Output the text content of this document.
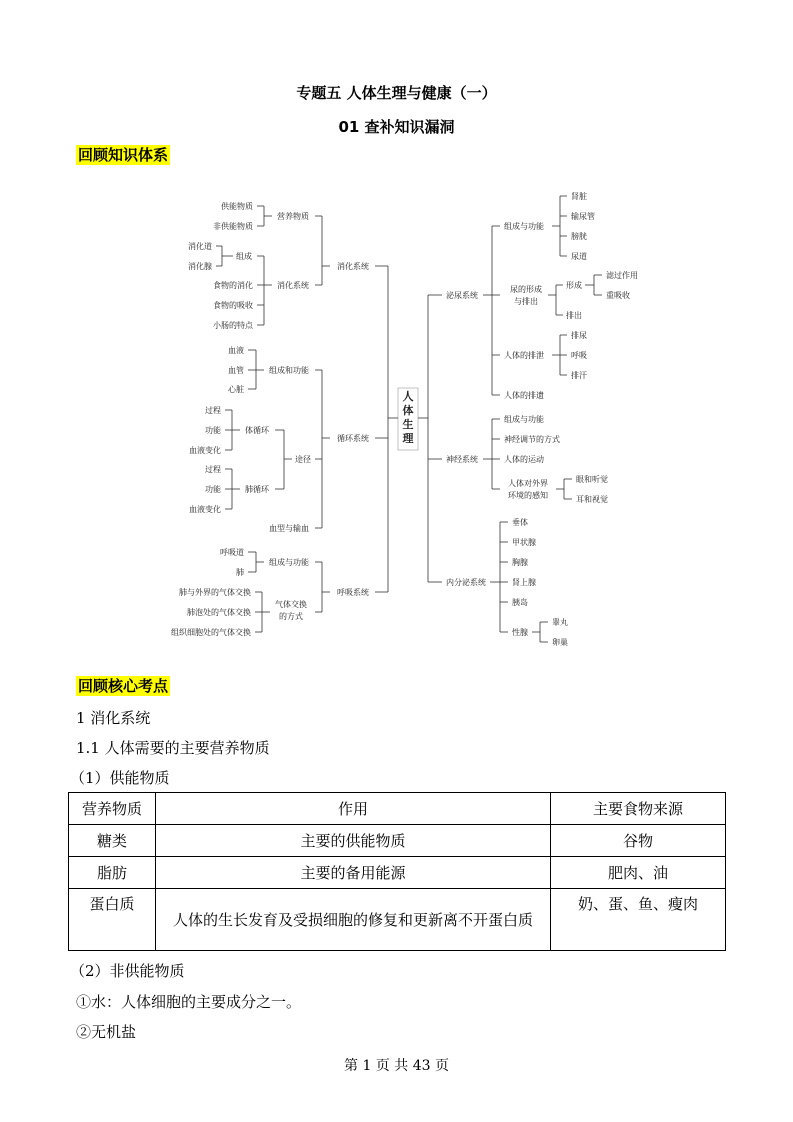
专题五 人体生理与健康（一）
01 查补知识漏洞
回顾知识体系
人
体
生
理
消化系统
循环系统
呼吸系统
营养物质
消化系统
供能物质
非供能物质
组成
食物的消化
食物的吸收
小肠的特点
消化道
消化腺
组成和功能
途径
血型与输血
血液
血管
心脏
体循环
肺循环
过程
功能
血液变化
过程
功能
血液变化
组成与功能
气体交换
的方式
呼吸道
肺
肺与外界的气体交换
肺泡处的气体交换
组织细胞处的气体交换
泌尿系统
神经系统
内分泌系统
组成与功能
尿的形成
与排出
人体的排泄
人体的排遗
肾脏
输尿管
膀胱
尿道
形成
排出
滤过作用
重吸收
排尿
呼吸
排汗
组成与功能
神经调节的方式
人体的运动
人体对外界
环境的感知
眼和听觉
耳和视觉
垂体
甲状腺
胸腺
肾上腺
胰岛
性腺
睾丸
卵巢
回顾核心考点
1 消化系统
1.1 人体需要的主要营养物质
（1）供能物质
营养物质	作用	主要食物来源
糖类	主要的供能物质	谷物
脂肪	主要的备用能源	肥肉、油
蛋白质	人体的生长发育及受损细胞的修复和更新离不开蛋白质	奶、蛋、鱼、瘦肉
（2）非供能物质
①水：人体细胞的主要成分之一。
②无机盐
第 1 页 共 43 页
